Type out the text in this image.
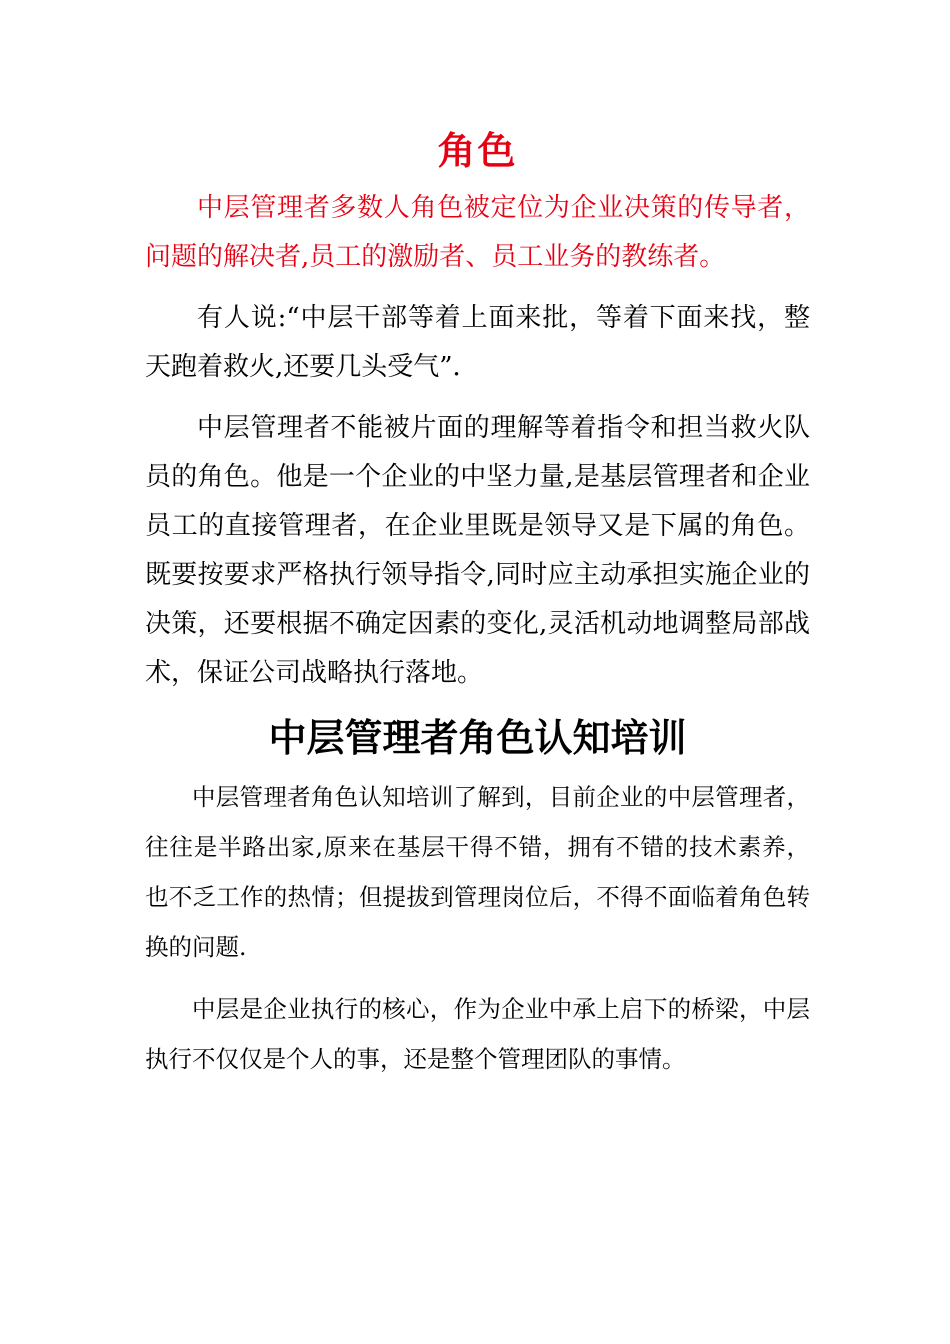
角色

中层管理者多数人角色被定位为企业决策的传导者，问题的解决者,员工的激励者、员工业务的教练者。

有人说:“中层干部等着上面来批，等着下面来找，整天跑着救火,还要几头受气”．

中层管理者不能被片面的理解等着指令和担当救火队员的角色。他是一个企业的中坚力量,是基层管理者和企业员工的直接管理者，在企业里既是领导又是下属的角色。既要按要求严格执行领导指令,同时应主动承担实施企业的决策，还要根据不确定因素的变化,灵活机动地调整局部战术，保证公司战略执行落地。

中层管理者角色认知培训

中层管理者角色认知培训了解到，目前企业的中层管理者，往往是半路出家,原来在基层干得不错，拥有不错的技术素养，也不乏工作的热情；但提拔到管理岗位后，不得不面临着角色转换的问题.

中层是企业执行的核心，作为企业中承上启下的桥梁，中层执行不仅仅是个人的事，还是整个管理团队的事情。
